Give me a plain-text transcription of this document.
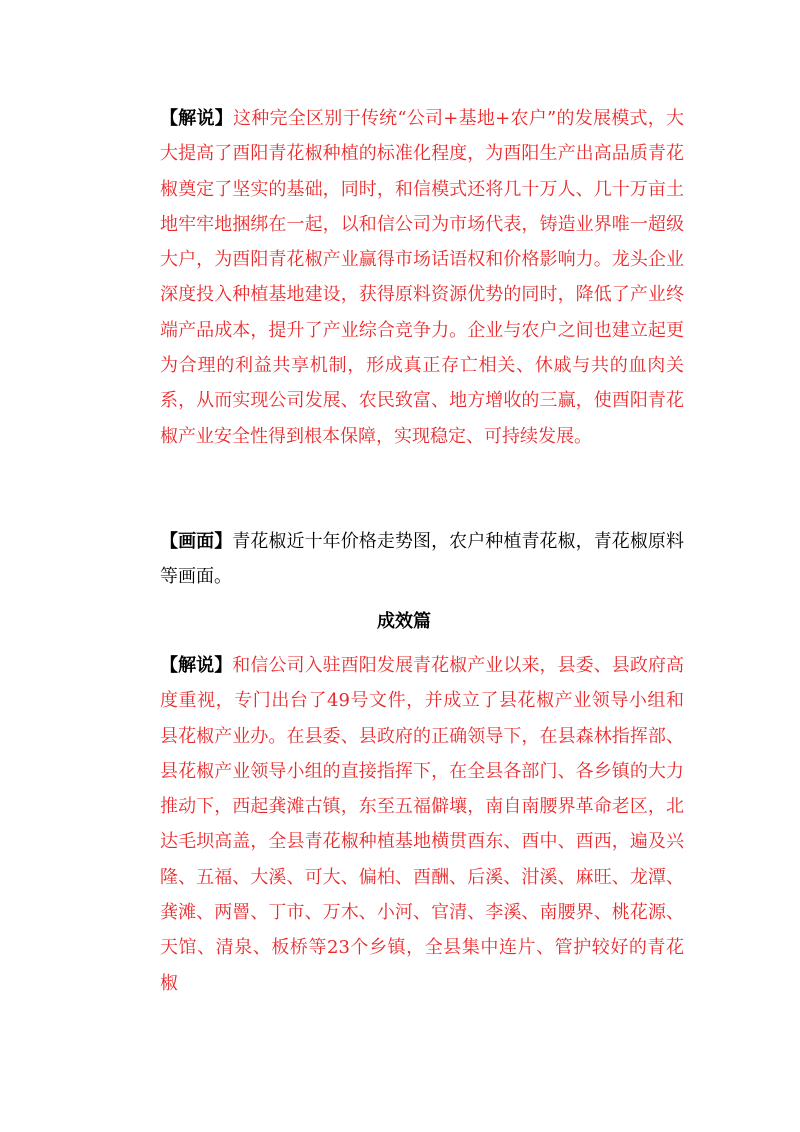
【解说】这种完全区别于传统“公司+基地+农户”的发展模式，大大提高了酉阳青花椒种植的标准化程度，为酉阳生产出高品质青花椒奠定了坚实的基础，同时，和信模式还将几十万人、几十万亩土地牢牢地捆绑在一起，以和信公司为市场代表，铸造业界唯一超级大户，为酉阳青花椒产业赢得市场话语权和价格影响力。龙头企业深度投入种植基地建设，获得原料资源优势的同时，降低了产业终端产品成本，提升了产业综合竞争力。企业与农户之间也建立起更为合理的利益共享机制，形成真正存亡相关、休戚与共的血肉关系，从而实现公司发展、农民致富、地方增收的三赢，使酉阳青花椒产业安全性得到根本保障，实现稳定、可持续发展。

【画面】青花椒近十年价格走势图，农户种植青花椒，青花椒原料等画面。

成效篇

【解说】和信公司入驻酉阳发展青花椒产业以来，县委、县政府高度重视，专门出台了49号文件，并成立了县花椒产业领导小组和县花椒产业办。在县委、县政府的正确领导下，在县森林指挥部、县花椒产业领导小组的直接指挥下，在全县各部门、各乡镇的大力推动下，西起龚滩古镇，东至五福僻壤，南自南腰界革命老区，北达毛坝高盖，全县青花椒种植基地横贯酉东、酉中、酉西，遍及兴隆、五福、大溪、可大、偏柏、酉酬、后溪、泔溪、麻旺、龙潭、龚滩、两罾、丁市、万木、小河、官清、李溪、南腰界、桃花源、天馆、清泉、板桥等23个乡镇，全县集中连片、管护较好的青花椒
